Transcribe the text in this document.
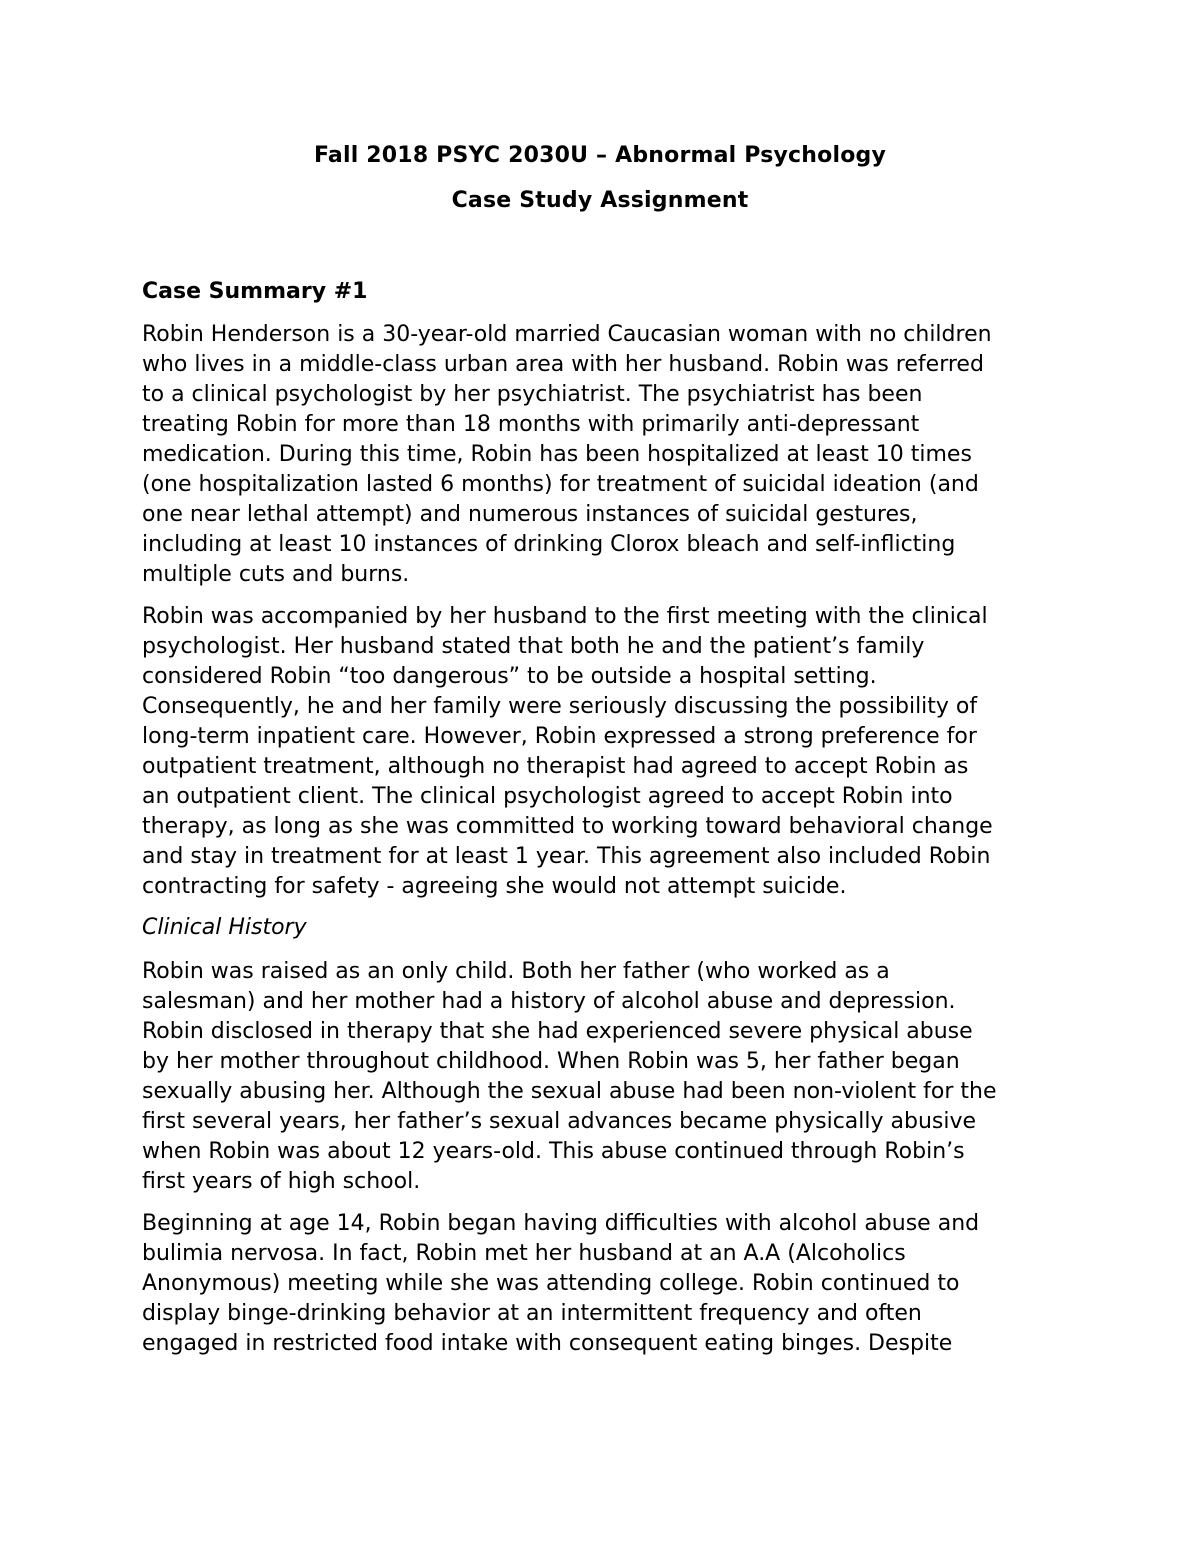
Fall 2018 PSYC 2030U – Abnormal Psychology
Case Study Assignment
Case Summary #1
Robin Henderson is a 30-year-old married Caucasian woman with no children
who lives in a middle-class urban area with her husband. Robin was referred
to a clinical psychologist by her psychiatrist. The psychiatrist has been
treating Robin for more than 18 months with primarily anti-depressant
medication. During this time, Robin has been hospitalized at least 10 times
(one hospitalization lasted 6 months) for treatment of suicidal ideation (and
one near lethal attempt) and numerous instances of suicidal gestures,
including at least 10 instances of drinking Clorox bleach and self-inflicting
multiple cuts and burns.
Robin was accompanied by her husband to the first meeting with the clinical
psychologist. Her husband stated that both he and the patient’s family
considered Robin “too dangerous” to be outside a hospital setting.
Consequently, he and her family were seriously discussing the possibility of
long-term inpatient care. However, Robin expressed a strong preference for
outpatient treatment, although no therapist had agreed to accept Robin as
an outpatient client. The clinical psychologist agreed to accept Robin into
therapy, as long as she was committed to working toward behavioral change
and stay in treatment for at least 1 year. This agreement also included Robin
contracting for safety - agreeing she would not attempt suicide.
Clinical History
Robin was raised as an only child. Both her father (who worked as a
salesman) and her mother had a history of alcohol abuse and depression.
Robin disclosed in therapy that she had experienced severe physical abuse
by her mother throughout childhood. When Robin was 5, her father began
sexually abusing her. Although the sexual abuse had been non-violent for the
first several years, her father’s sexual advances became physically abusive
when Robin was about 12 years-old. This abuse continued through Robin’s
first years of high school.
Beginning at age 14, Robin began having difficulties with alcohol abuse and
bulimia nervosa. In fact, Robin met her husband at an A.A (Alcoholics
Anonymous) meeting while she was attending college. Robin continued to
display binge-drinking behavior at an intermittent frequency and often
engaged in restricted food intake with consequent eating binges. Despite
